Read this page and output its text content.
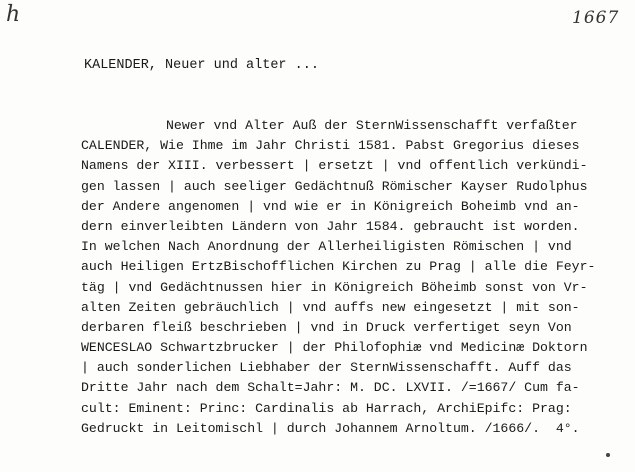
h	1667
KALENDER, Neuer und alter ...
Newer vnd Alter Auß der SternWissenschafft verfaßter
CALENDER, Wie Ihme im Jahr Christi 1581. Pabst Gregorius dieses
Namens der XIII. verbessert | ersetzt | vnd offentlich verkündi-
gen lassen | auch seeliger Gedächtnuß Römischer Kayser Rudolphus
der Andere angenomen | vnd wie er in Königreich Boheimb vnd an-
dern einverleibten Ländern von Jahr 1584. gebraucht ist worden.
In welchen Nach Anordnung der Allerheiligisten Römischen | vnd
auch Heiligen ErtzBischofflichen Kirchen zu Prag | alle die Feyr-
täg | vnd Gedächtnussen hier in Königreich Böheimb sonst von Vr-
alten Zeiten gebräuchlich | vnd auffs new eingesetzt | mit son-
derbaren fleiß beschrieben | vnd in Druck verfertiget seyn Von
WENCESLAO Schwartzbrucker | der Philofophiæ vnd Medicinæ Doktorn
| auch sonderlichen Liebhaber der SternWissenschafft. Auff das
Dritte Jahr nach dem Schalt=Jahr: M. DC. LXVII. /=1667/ Cum fa-
cult: Eminent: Princ: Cardinalis ab Harrach, ArchiEpifc: Prag:
Gedruckt in Leitomischl | durch Johannem Arnoltum. /1666/.  4°.
